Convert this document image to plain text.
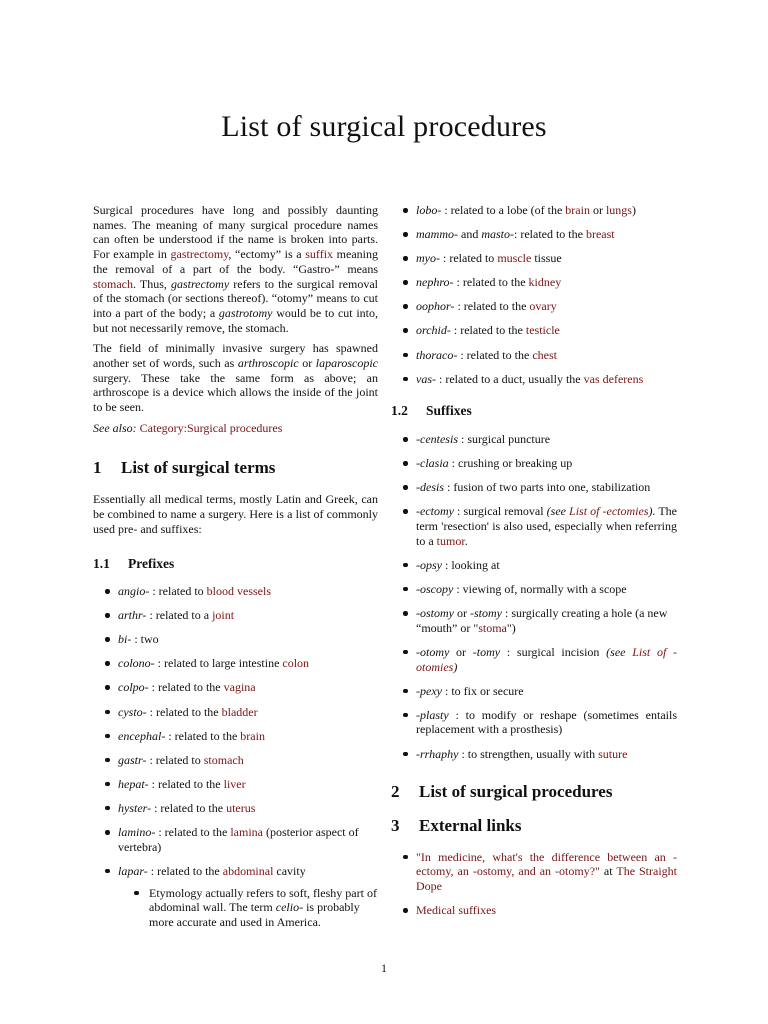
List of surgical procedures

Surgical procedures have long and possibly daunting names. The meaning of many surgical procedure names can often be understood if the name is broken into parts. For example in gastrectomy, “ectomy” is a suffix meaning the removal of a part of the body. “Gastro-” means stomach. Thus, gastrectomy refers to the surgical removal of the stomach (or sections thereof). “otomy” means to cut into a part of the body; a gastrotomy would be to cut into, but not necessarily remove, the stomach.

The field of minimally invasive surgery has spawned another set of words, such as arthroscopic or laparoscopic surgery. These take the same form as above; an arthroscope is a device which allows the inside of the joint to be seen.

See also: Category:Surgical procedures

1	List of surgical terms

Essentially all medical terms, mostly Latin and Greek, can be combined to name a surgery. Here is a list of commonly used pre- and suffixes:

1.1	Prefixes
angio- : related to blood vessels
arthr- : related to a joint
bi- : two
colono- : related to large intestine colon
colpo- : related to the vagina
cysto- : related to the bladder
encephal- : related to the brain
gastr- : related to stomach
hepat- : related to the liver
hyster- : related to the uterus
lamino- : related to the lamina (posterior aspect of vertebra)
lapar- : related to the abdominal cavity
Etymology actually refers to soft, fleshy part of abdominal wall. The term celio- is probably more accurate and used in America.
lobo- : related to a lobe (of the brain or lungs)
mammo- and masto-: related to the breast
myo- : related to muscle tissue
nephro- : related to the kidney
oophor- : related to the ovary
orchid- : related to the testicle
thoraco- : related to the chest
vas- : related to a duct, usually the vas deferens
1.2	Suffixes
-centesis : surgical puncture
-clasia : crushing or breaking up
-desis : fusion of two parts into one, stabilization
-ectomy : surgical removal (see List of -ectomies). The term 'resection' is also used, especially when referring to a tumor.
-opsy : looking at
-oscopy : viewing of, normally with a scope
-ostomy or -stomy : surgically creating a hole (a new “mouth” or "stoma")
-otomy or -tomy : surgical incision (see List of -otomies)
-pexy : to fix or secure
-plasty : to modify or reshape (sometimes entails replacement with a prosthesis)
-rrhaphy : to strengthen, usually with suture
2	List of surgical procedures
3	External links
"In medicine, what's the difference between an -ectomy, an -ostomy, and an -otomy?" at The Straight Dope
Medical suffixes
1
